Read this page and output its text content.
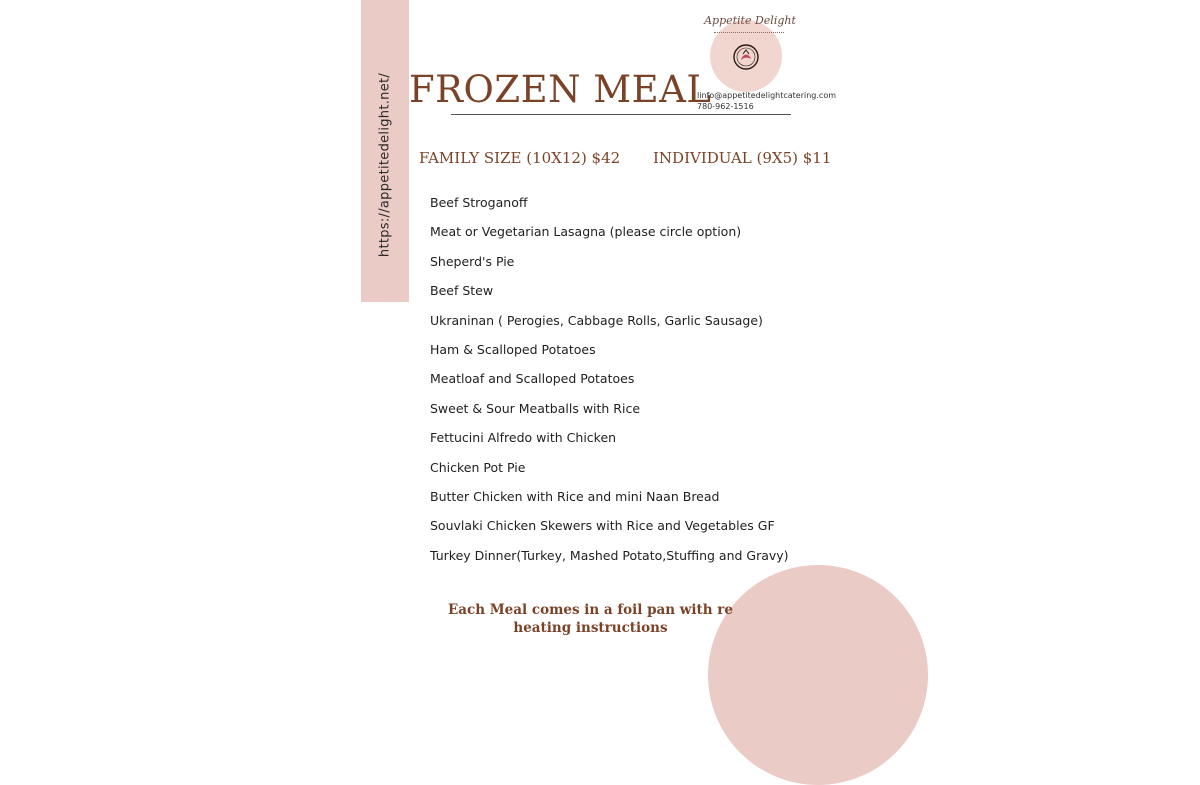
https://appetitedelight.net/ FROZEN MEAL
Appetite Delight
linfo@appetitedelightcatering.com
780-962-1516
FAMILY SIZE (10X12) $42 INDIVIDUAL (9X5) $11
Beef Stroganoff
Meat or Vegetarian Lasagna (please circle option)
Sheperd's Pie
Beef Stew
Ukraninan ( Perogies, Cabbage Rolls, Garlic Sausage)
Ham & Scalloped Potatoes
Meatloaf and Scalloped Potatoes
Sweet & Sour Meatballs with Rice
Fettucini Alfredo with Chicken
Chicken Pot Pie
Butter Chicken with Rice and mini Naan Bread
Souvlaki Chicken Skewers with Rice and Vegetables GF
Turkey Dinner(Turkey, Mashed Potato,Stuffing and Gravy)
Each Meal comes in a foil pan with re heating instructions
